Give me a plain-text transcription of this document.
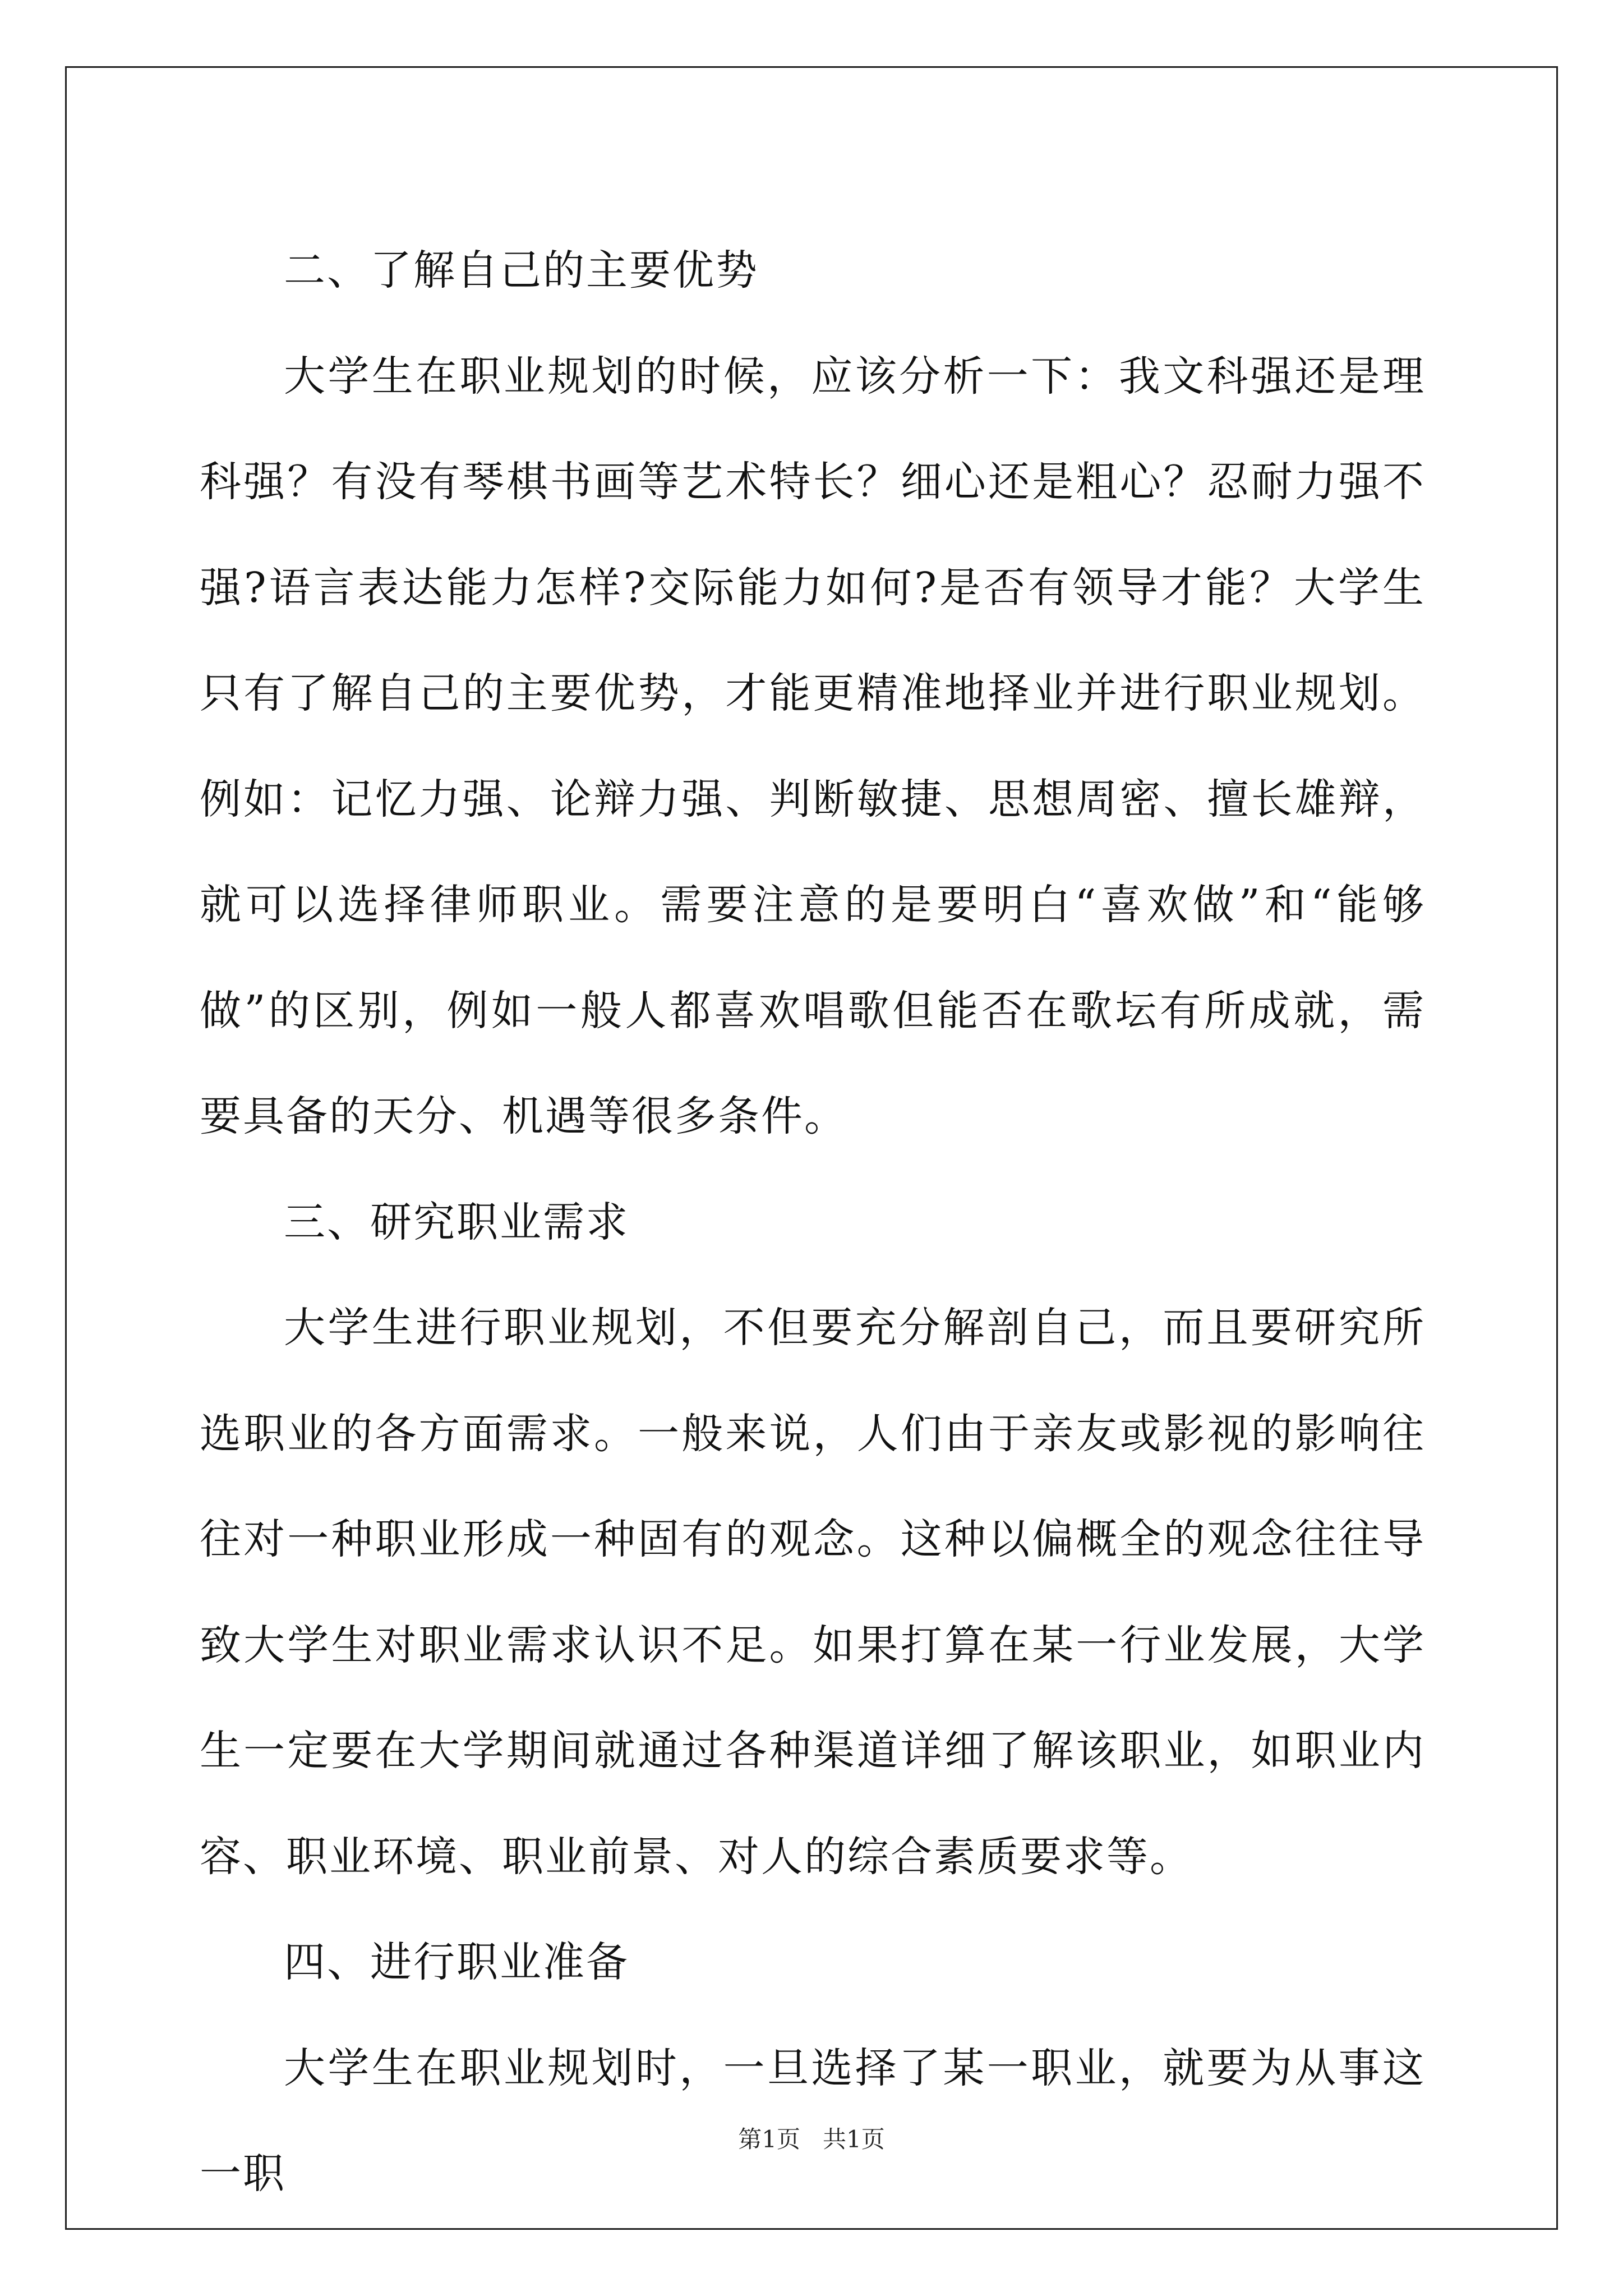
二、了解自己的主要优势

大学生在职业规划的时候，应该分析一下：我文科强还是理科强？有没有琴棋书画等艺术特长？细心还是粗心？忍耐力强不强?语言表达能力怎样?交际能力如何?是否有领导才能？大学生只有了解自己的主要优势，才能更精准地择业并进行职业规划。例如：记忆力强、论辩力强、判断敏捷、思想周密、擅长雄辩，就可以选择律师职业。需要注意的是要明白“喜欢做”和“能够做”的区别，例如一般人都喜欢唱歌但能否在歌坛有所成就，需要具备的天分、机遇等很多条件。

三、研究职业需求

大学生进行职业规划，不但要充分解剖自己，而且要研究所选职业的各方面需求。一般来说，人们由于亲友或影视的影响往往对一种职业形成一种固有的观念。这种以偏概全的观念往往导致大学生对职业需求认识不足。如果打算在某一行业发展，大学生一定要在大学期间就通过各种渠道详细了解该职业，如职业内容、职业环境、职业前景、对人的综合素质要求等。

四、进行职业准备

大学生在职业规划时，一旦选择了某一职业，就要为从事这一职

第1页 共1页
